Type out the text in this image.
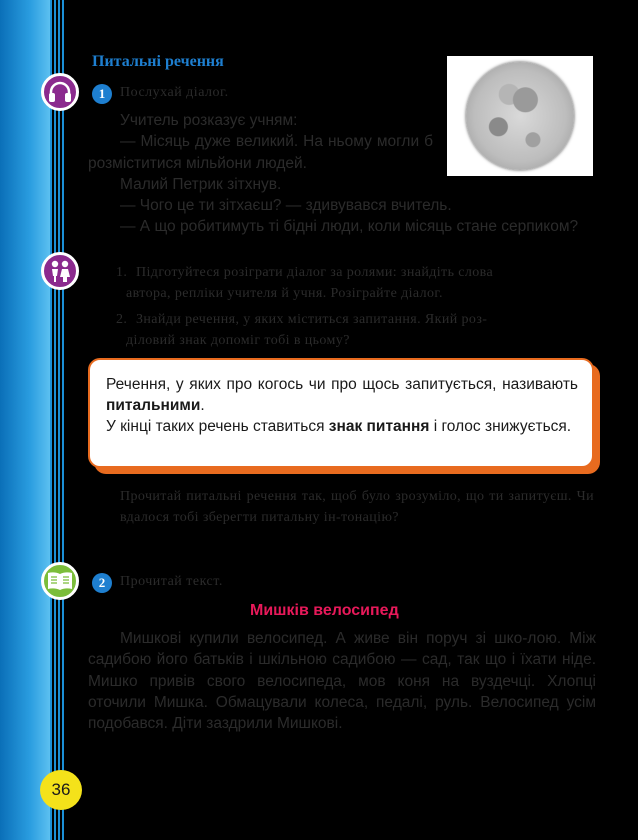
Питальні речення
1	Послухай діалог.

Учитель розказує учням:

— Місяць дуже великий. На ньому могли б розміститися мільйони людей.

Малий Петрик зітхнув.

— Чого це ти зітхаєш? — здивувався вчитель.

— А що робитимуть ті бідні люди, коли місяць стане серпиком?

1. Підготуйтеся розіграти діалог за ролями: знайдіть слова
автора, репліки учителя й учня. Розіграйте діалог.
2. Знайди речення, у яких міститься запитання. Який роз-
діловий знак допоміг тобі в цьому?
Речення, у яких про когось чи про щось запитується, називають питальними.
У кінці таких речень ставиться знак питання і голос знижується.
Прочитай питальні речення так, щоб було зрозуміло, що ти запитуєш. Чи вдалося тобі зберегти питальну ін-тонацію?
2	Прочитай текст.
Мишків велосипед
Мишкові купили велосипед. А живе він поруч зі шко-лою. Між садибою його батьків і шкільною садибою — сад, так що і їхати ніде. Мишко привів свого велосипеда, мов коня на вуздечці. Хлопці оточили Мишка. Обмацували колеса, педалі, руль. Велосипед усім подобався. Діти заздрили Мишкові.
36
